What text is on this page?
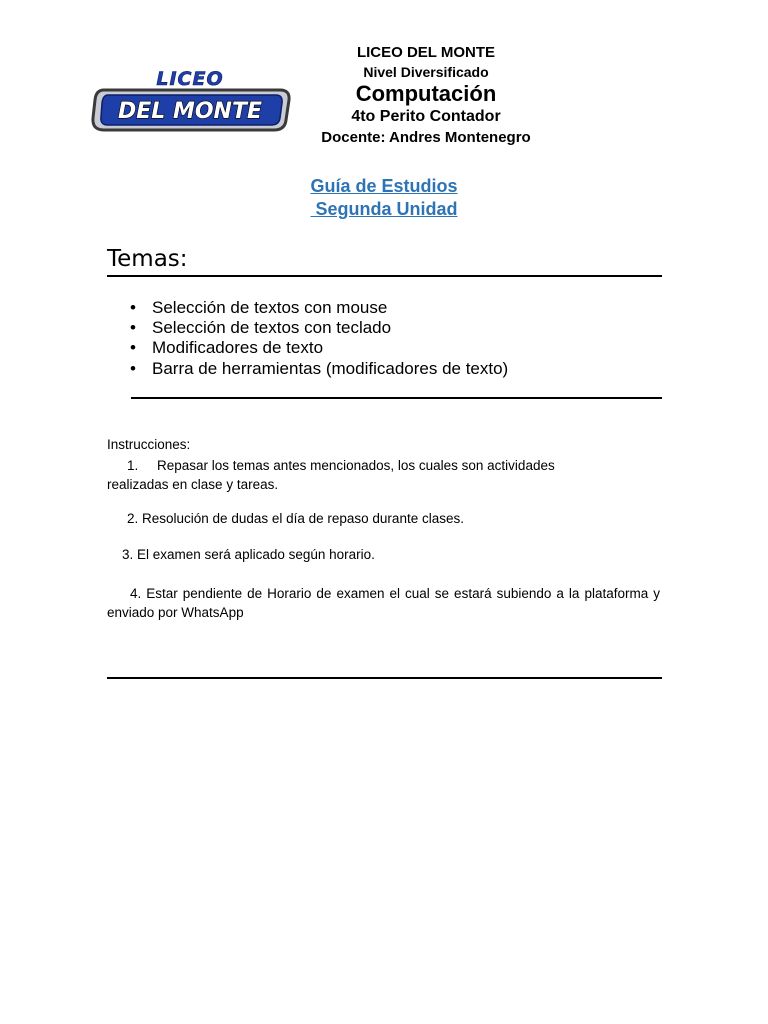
LICEO
DEL MONTE
LICEO DEL MONTE
Nivel Diversificado
Computación
4to Perito Contador
Docente: Andres Montenegro
Guía de Estudios
Segunda Unidad
Temas:
• Selección de textos con mouse
• Selección de textos con teclado
• Modificadores de texto
• Barra de herramientas (modificadores de texto)
Instrucciones:
1. Repasar los temas antes mencionados, los cuales son actividades
realizadas en clase y tareas.
2. Resolución de dudas el día de repaso durante clases.
3. El examen será aplicado según horario.
4. Estar pendiente de Horario de examen el cual se estará subiendo a la plataforma y enviado por WhatsApp
